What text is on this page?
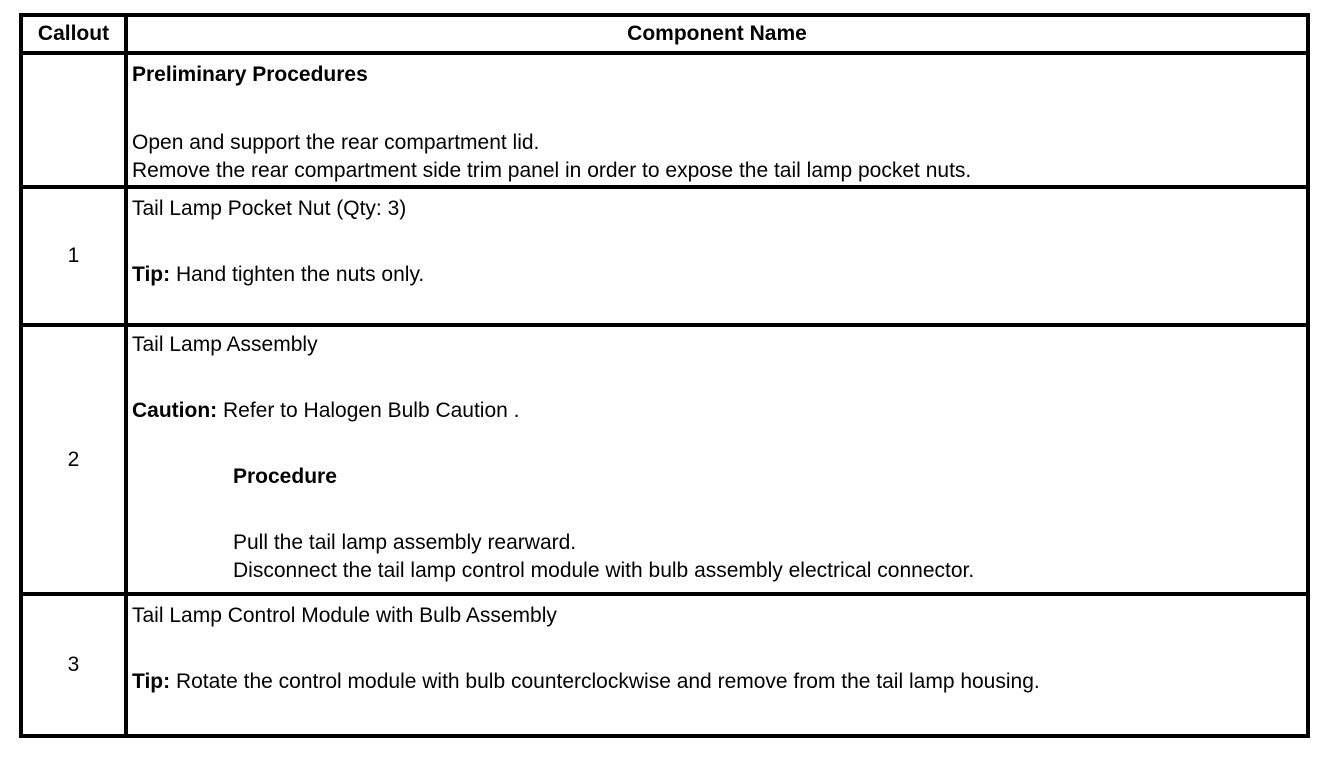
Callout	Component Name

	Preliminary Procedures
Open and support the rear compartment lid.
Remove the rear compartment side trim panel in order to expose the tail lamp pocket nuts.

1	Tail Lamp Pocket Nut (Qty: 3)
Tip: Hand tighten the nuts only.

2	Tail Lamp Assembly
Caution: Refer to Halogen Bulb Caution .
Procedure
Pull the tail lamp assembly rearward.
Disconnect the tail lamp control module with bulb assembly electrical connector.

3	Tail Lamp Control Module with Bulb Assembly
Tip: Rotate the control module with bulb counterclockwise and remove from the tail lamp housing.
